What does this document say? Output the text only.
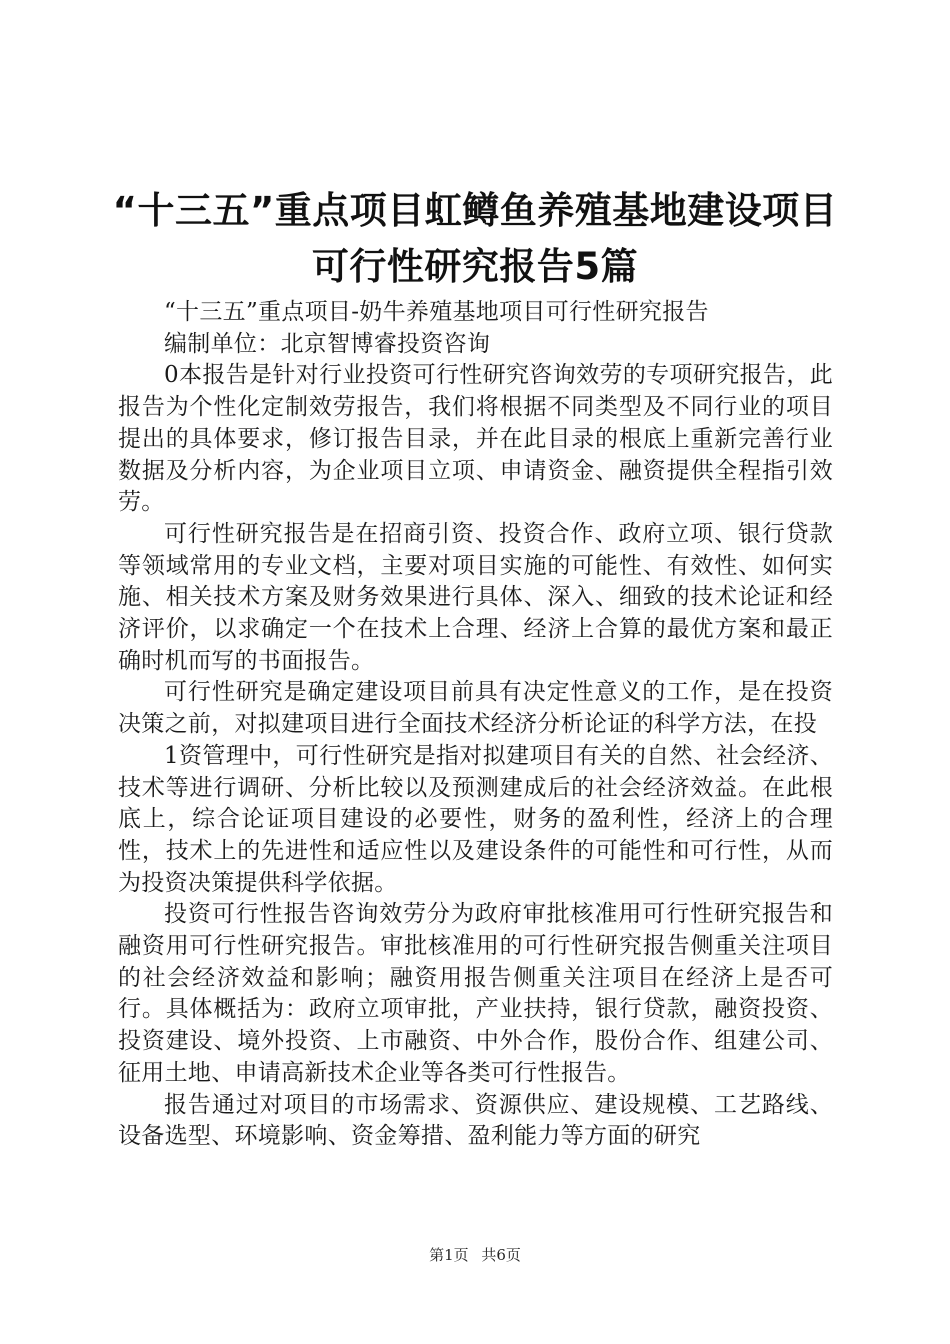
“十三五”重点项目虹鳟鱼养殖基地建设项目
可行性研究报告5篇

“十三五”重点项目-奶牛养殖基地项目可行性研究报告

编制单位：北京智博睿投资咨询

0本报告是针对行业投资可行性研究咨询效劳的专项研究报告，此报告为个性化定制效劳报告，我们将根据不同类型及不同行业的项目提出的具体要求，修订报告目录，并在此目录的根底上重新完善行业数据及分析内容，为企业项目立项、申请资金、融资提供全程指引效劳。

可行性研究报告是在招商引资、投资合作、政府立项、银行贷款等领域常用的专业文档，主要对项目实施的可能性、有效性、如何实施、相关技术方案及财务效果进行具体、深入、细致的技术论证和经济评价，以求确定一个在技术上合理、经济上合算的最优方案和最正确时机而写的书面报告。

可行性研究是确定建设项目前具有决定性意义的工作，是在投资决策之前，对拟建项目进行全面技术经济分析论证的科学方法，在投

1资管理中，可行性研究是指对拟建项目有关的自然、社会经济、技术等进行调研、分析比较以及预测建成后的社会经济效益。在此根底上，综合论证项目建设的必要性，财务的盈利性，经济上的合理性，技术上的先进性和适应性以及建设条件的可能性和可行性，从而为投资决策提供科学依据。

投资可行性报告咨询效劳分为政府审批核准用可行性研究报告和融资用可行性研究报告。审批核准用的可行性研究报告侧重关注项目的社会经济效益和影响；融资用报告侧重关注项目在经济上是否可行。具体概括为：政府立项审批，产业扶持，银行贷款，融资投资、投资建设、境外投资、上市融资、中外合作，股份合作、组建公司、征用土地、申请高新技术企业等各类可行性报告。

报告通过对项目的市场需求、资源供应、建设规模、工艺路线、设备选型、环境影响、资金筹措、盈利能力等方面的研究

第1页 共6页
